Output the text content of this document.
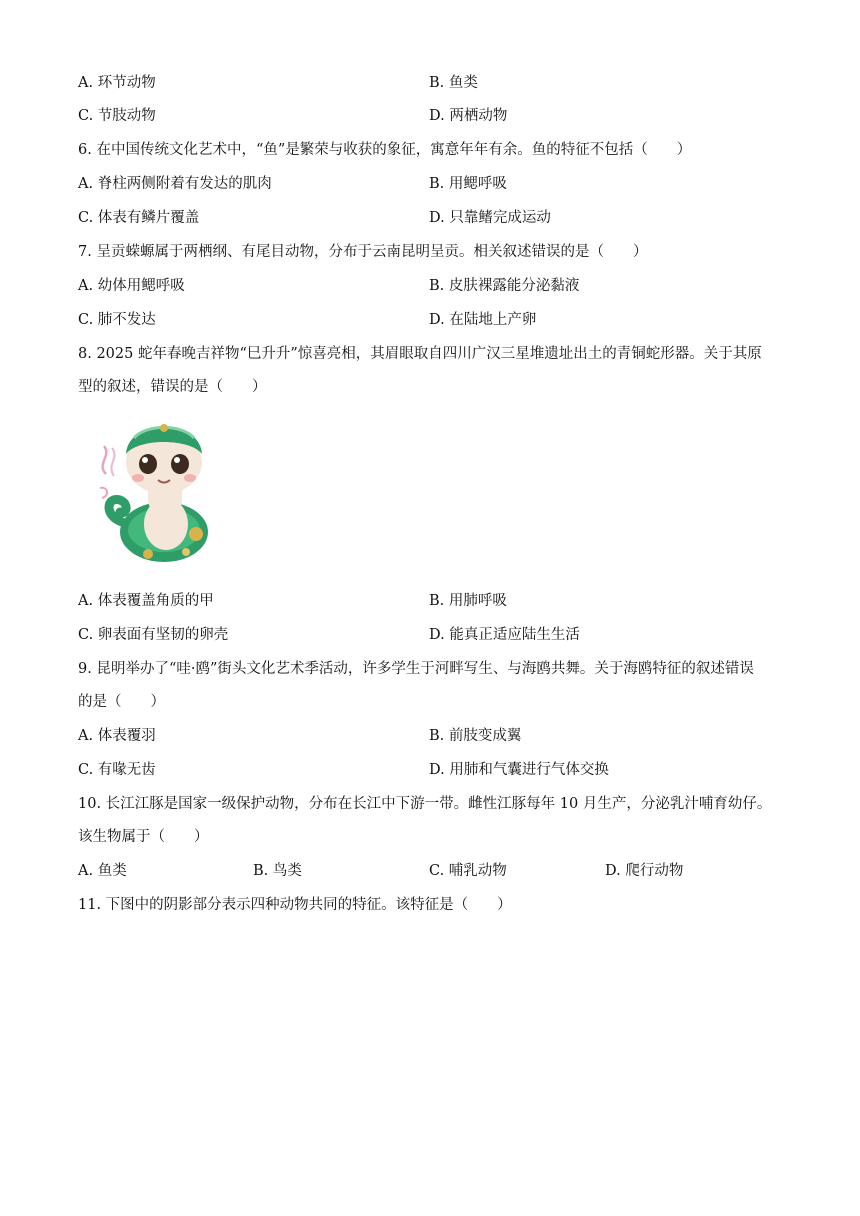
A. 环节动物	B. 鱼类
C. 节肢动物	D. 两栖动物
6. 在中国传统文化艺术中，“鱼”是繁荣与收获的象征，寓意年年有余。鱼的特征不包括（　　）
A. 脊柱两侧附着有发达的肌肉	B. 用鳃呼吸
C. 体表有鳞片覆盖	D. 只靠鳍完成运动
7. 呈贡蝾螈属于两栖纲、有尾目动物，分布于云南昆明呈贡。相关叙述错误的是（　　）
A. 幼体用鳃呼吸	B. 皮肤裸露能分泌黏液
C. 肺不发达	D. 在陆地上产卵
8. 2025 蛇年春晚吉祥物“巳升升”惊喜亮相，其眉眼取自四川广汉三星堆遗址出土的青铜蛇形器。关于其原
型的叙述，错误的是（　　）
A. 体表覆盖角质的甲	B. 用肺呼吸
C. 卵表面有坚韧的卵壳	D. 能真正适应陆生生活
9. 昆明举办了“哇·鸥”街头文化艺术季活动，许多学生于河畔写生、与海鸥共舞。关于海鸥特征的叙述错误
的是（　　）
A. 体表覆羽	B. 前肢变成翼
C. 有喙无齿	D. 用肺和气囊进行气体交换
10. 长江江豚是国家一级保护动物，分布在长江中下游一带。雌性江豚每年 10 月生产，分泌乳汁哺育幼仔。
该生物属于（　　）
A. 鱼类	B. 鸟类	C. 哺乳动物	D. 爬行动物
11. 下图中的阴影部分表示四种动物共同的特征。该特征是（　　）
